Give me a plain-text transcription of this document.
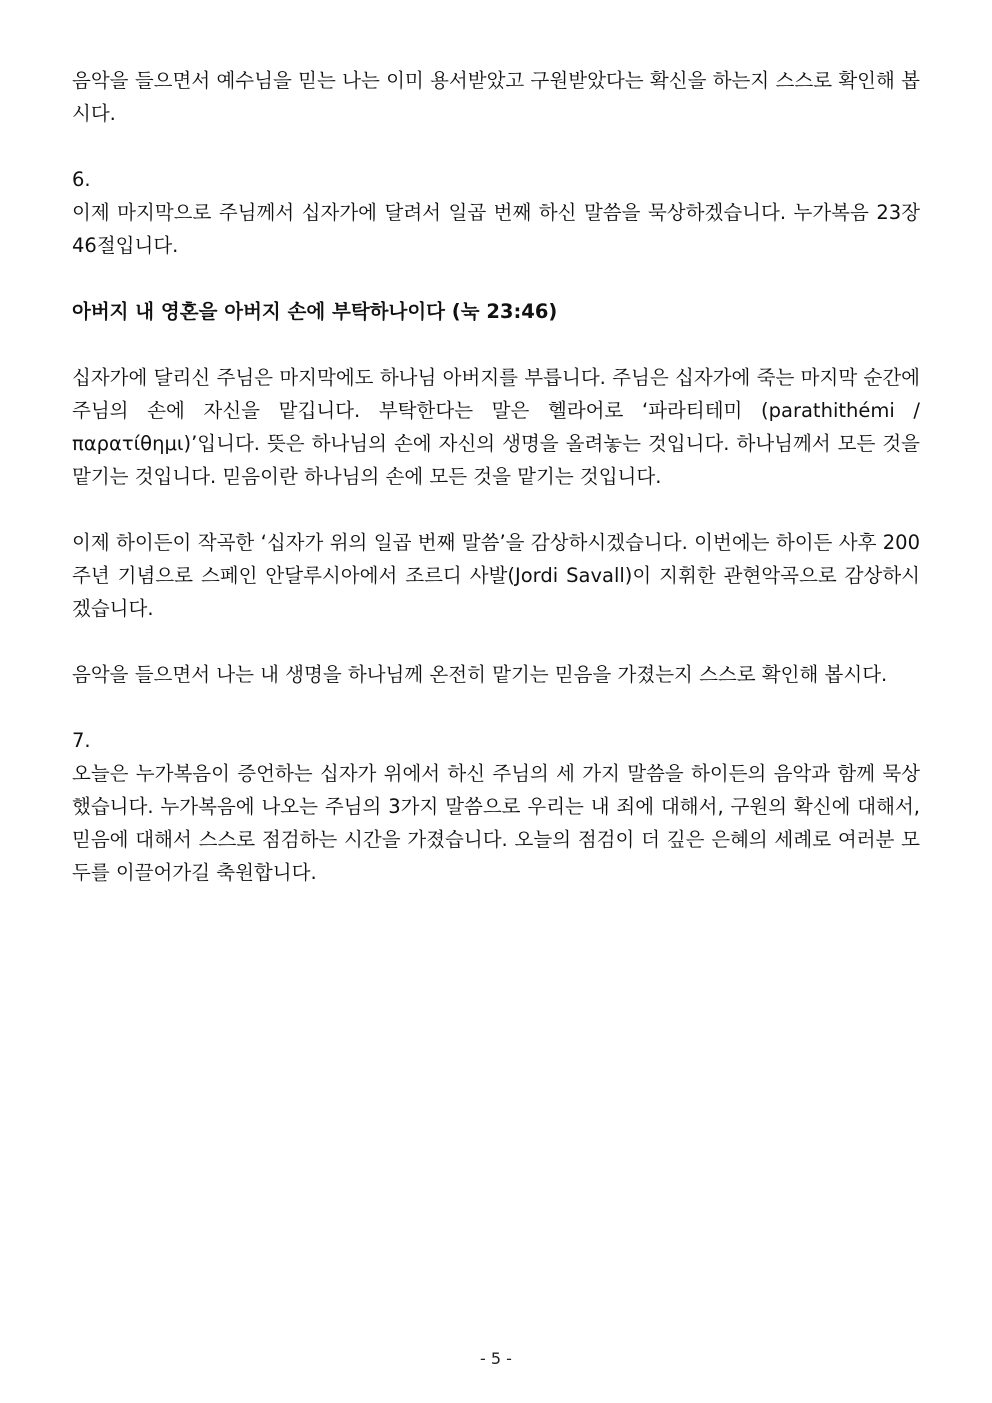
음악을 들으면서 예수님을 믿는 나는 이미 용서받았고 구원받았다는 확신을 하는지 스스로 확인해 봅시다.

6.

이제 마지막으로 주님께서 십자가에 달려서 일곱 번째 하신 말씀을 묵상하겠습니다. 누가복음 23장 46절입니다.

아버지 내 영혼을 아버지 손에 부탁하나이다 (눅 23:46)

십자가에 달리신 주님은 마지막에도 하나님 아버지를 부릅니다. 주님은 십자가에 죽는 마지막 순간에 주님의 손에 자신을 맡깁니다. 부탁한다는 말은 헬라어로 ‘파라티테미 (parathithémi / παρατίθημι)’입니다. 뜻은 하나님의 손에 자신의 생명을 올려놓는 것입니다. 하나님께서 모든 것을 맡기는 것입니다. 믿음이란 하나님의 손에 모든 것을 맡기는 것입니다.

이제 하이든이 작곡한 ‘십자가 위의 일곱 번째 말씀’을 감상하시겠습니다. 이번에는 하이든 사후 200주년 기념으로 스페인 안달루시아에서 조르디 사발(Jordi Savall)이 지휘한 관현악곡으로 감상하시겠습니다.

음악을 들으면서 나는 내 생명을 하나님께 온전히 맡기는 믿음을 가졌는지 스스로 확인해 봅시다.

7.

오늘은 누가복음이 증언하는 십자가 위에서 하신 주님의 세 가지 말씀을 하이든의 음악과 함께 묵상했습니다. 누가복음에 나오는 주님의 3가지 말씀으로 우리는 내 죄에 대해서, 구원의 확신에 대해서, 믿음에 대해서 스스로 점검하는 시간을 가졌습니다. 오늘의 점검이 더 깊은 은혜의 세례로 여러분 모두를 이끌어가길 축원합니다.

- 5 -
